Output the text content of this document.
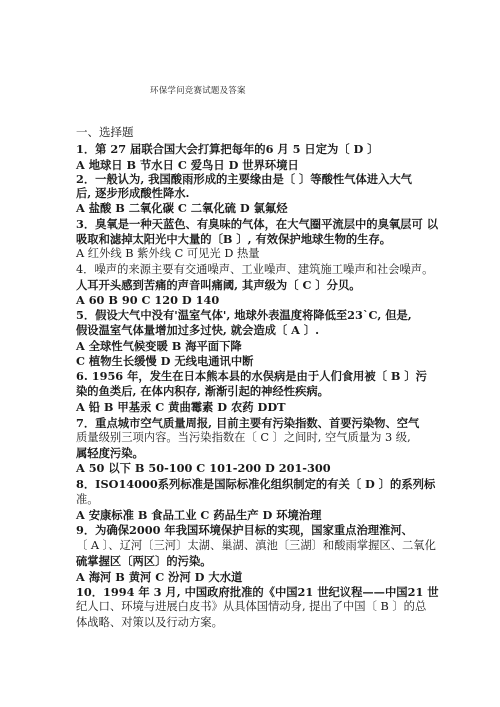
环保学问竞赛试题及答案
一、选择题
1．第 27 届联合国大会打算把每年的6 月 5 日定为〔 D 〕
A 地球日 B 节水日 C 爱鸟日 D 世界环境日
2．一般认为, 我国酸雨形成的主要缘由是〔 〕等酸性气体进入大气
后, 逐步形成酸性降水.
A 盐酸 B 二氧化碳 C 二氧化硫 D 氯氟烃
3．臭氧是一种天蓝色、有臭味的气体，在大气圈平流层中的臭氧层可 以
吸取和滤掉太阳光中大量的〔B 〕, 有效保护地球生物的生存。
A 红外线 B 紫外线 C 可见光 D 热量
4．噪声的来源主要有交通噪声、工业噪声、建筑施工噪声和社会噪声。
人耳开头感到苦痛的声音叫痛阈, 其声级为〔 C 〕分贝。
A 60 B 90 C 120 D 140
5．假设大气中没有'温室气体', 地球外表温度将降低至23`C, 但是,
假设温室气体量增加过多过快, 就会造成〔 A 〕.
A 全球性气候变暖 B 海平面下降
C 植物生长缓慢 D 无线电通讯中断
6. 1956 年，发生在日本熊本县的水俣病是由于人们食用被〔 B 〕污
染的鱼类后, 在体内积存, 渐渐引起的神经性疾病。
A 铅 B 甲基汞 C 黄曲霉素 D 农药 DDT
7．重点城市空气质量周报, 目前主要有污染指数、首要污染物、空气
质量级别三项内容。当污染指数在〔 C 〕之间时, 空气质量为 3 级,
属轻度污染。
A 50 以下 B 50-100 C 101-200 D 201-300
8．ISO14000系列标准是国际标准化组织制定的有关〔 D 〕的系列标
准。
A 安康标准 B 食品工业 C 药品生产 D 环境治理
9．为确保2000 年我国环境保护目标的实现，国家重点治理淮河、
〔 A 〕、辽河〔三河〕太湖、巢湖、滇池〔三湖〕和酸雨掌握区、二氧化
硫掌握区〔两区〕的污染。
A 海河 B 黄河 C 汾河 D 大水道
10．1994 年 3 月, 中国政府批准的《中国21 世纪议程——中国21 世
纪人口、环境与进展白皮书》从具体国情动身, 提出了中国〔 B 〕的总
体战略、对策以及行动方案。
